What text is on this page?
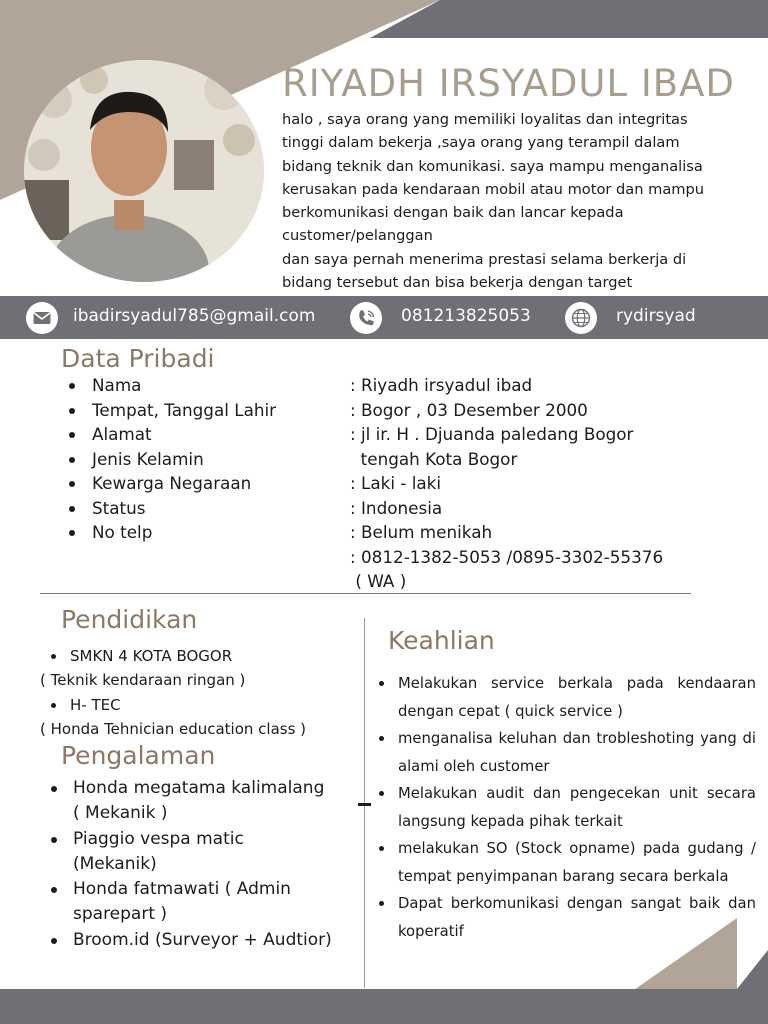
RIYADH IRSYADUL IBAD
halo , saya orang yang memiliki loyalitas dan integritas
tinggi dalam bekerja ,saya orang yang terampil dalam
bidang teknik dan komunikasi. saya mampu menganalisa
kerusakan pada kendaraan mobil atau motor dan mampu
berkomunikasi dengan baik dan lancar kepada
customer/pelanggan
dan saya pernah menerima prestasi selama berkerja di
bidang tersebut dan bisa bekerja dengan target
ibadirsyadul785@gmail.com	081213825053	rydirsyad
Data Pribadi
Nama
Tempat, Tanggal Lahir
Alamat
Jenis Kelamin
Kewarga Negaraan
Status
No telp
: Riyadh irsyadul ibad
: Bogor , 03 Desember 2000
: jl ir. H . Djuanda paledang Bogor
tengah Kota Bogor
: Laki - laki
: Indonesia
: Belum menikah
: 0812-1382-5053 /0895-3302-55376
( WA )
Pendidikan
SMKN 4 KOTA BOGOR
( Teknik kendaraan ringan )
H- TEC
( Honda Tehnician education class )
Pengalaman
Honda megatama kalimalang
( Mekanik )
Piaggio vespa matic
(Mekanik)
Honda fatmawati ( Admin
sparepart )
Broom.id (Surveyor + Audtior)
Keahlian
Melakukan service berkala pada kendaaran
dengan cepat ( quick service )
menganalisa keluhan dan trobleshoting yang di
alami oleh customer
Melakukan audit dan pengecekan unit secara
langsung kepada pihak terkait
melakukan SO (Stock opname) pada gudang /
tempat penyimpanan barang secara berkala
Dapat berkomunikasi dengan sangat baik dan
koperatif
